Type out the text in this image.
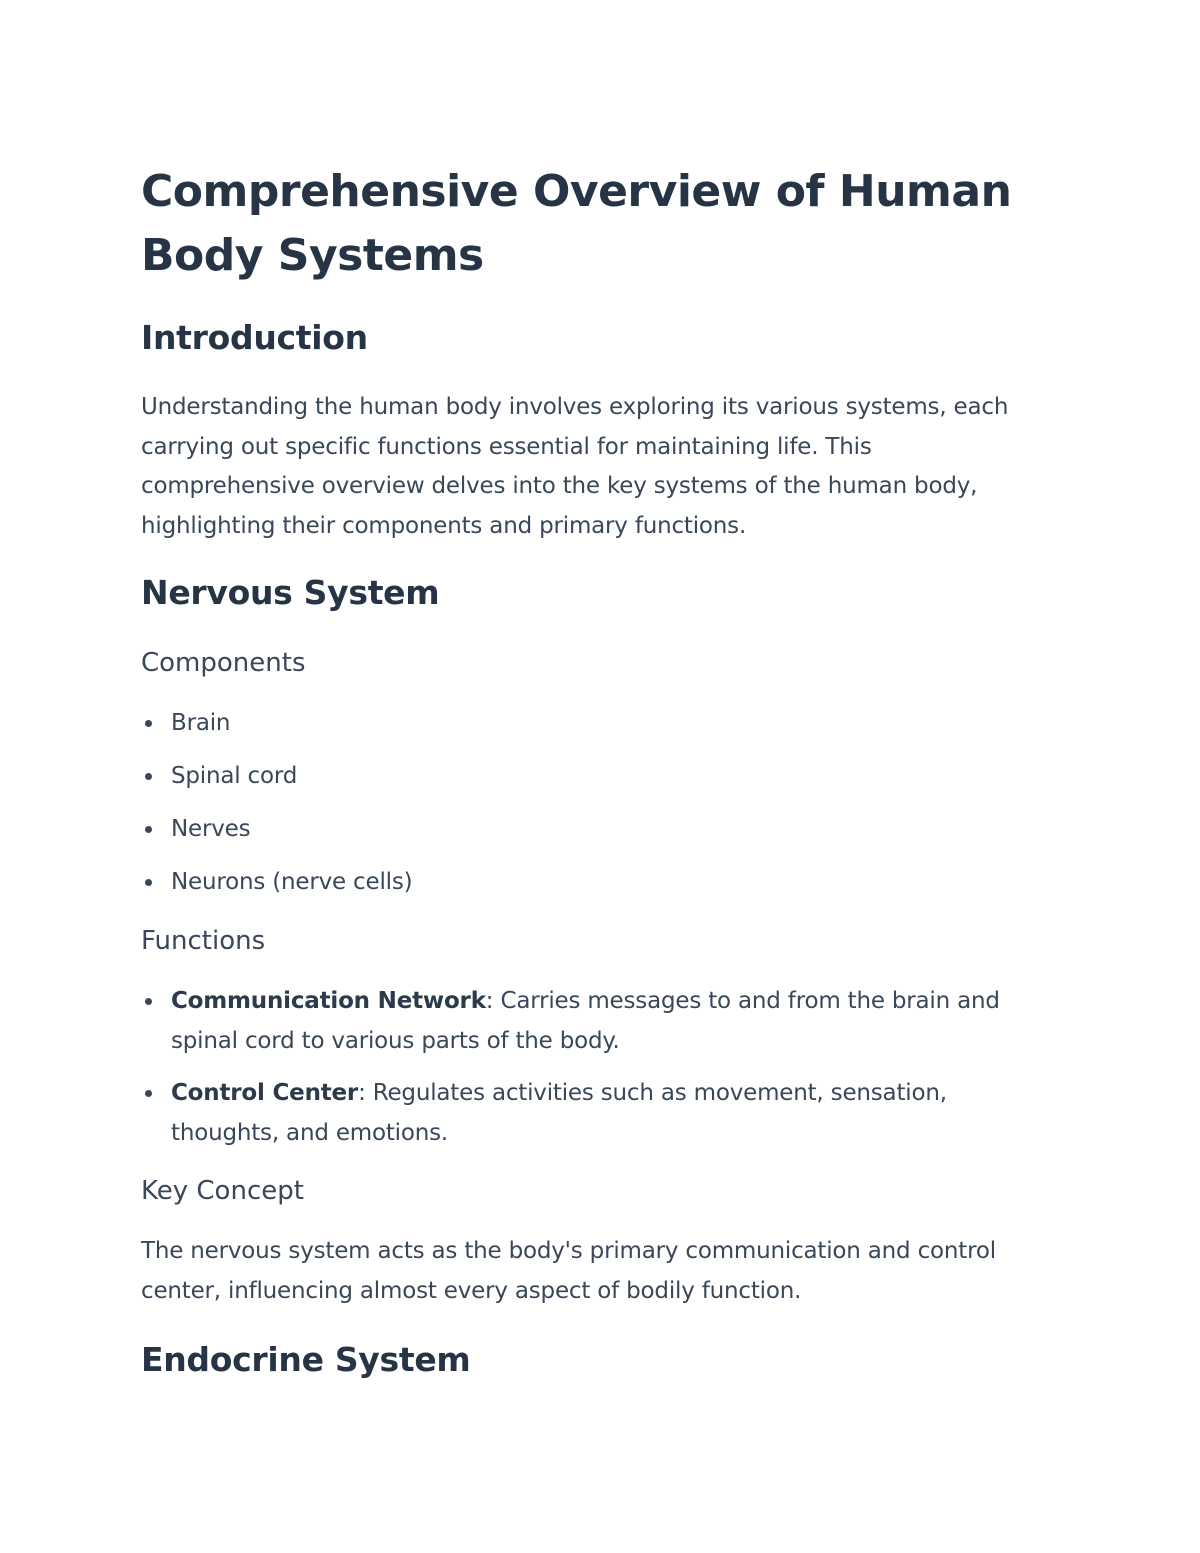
Comprehensive Overview of Human Body Systems
Introduction

Understanding the human body involves exploring its various systems, each carrying out specific functions essential for maintaining life. This comprehensive overview delves into the key systems of the human body, highlighting their components and primary functions.

Nervous System
Components
Brain
Spinal cord
Nerves
Neurons (nerve cells)
Functions
Communication Network: Carries messages to and from the brain and spinal cord to various parts of the body.
Control Center: Regulates activities such as movement, sensation, thoughts, and emotions.
Key Concept

The nervous system acts as the body's primary communication and control center, influencing almost every aspect of bodily function.

Endocrine System
